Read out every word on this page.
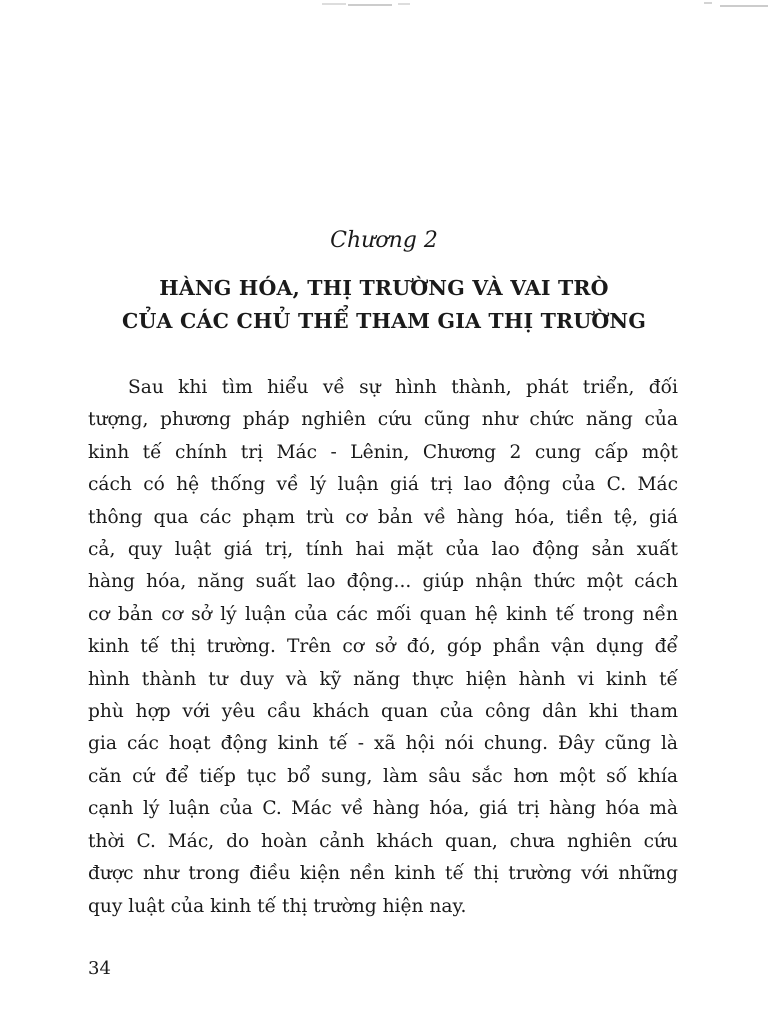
Chương 2

HÀNG HÓA, THỊ TRƯỜNG VÀ VAI TRÒ
CỦA CÁC CHỦ THỂ THAM GIA THỊ TRƯỜNG
Sau khi tìm hiểu về sự hình thành, phát triển, đối
tượng, phương pháp nghiên cứu cũng như chức năng của
kinh tế chính trị Mác - Lênin, Chương 2 cung cấp một
cách có hệ thống về lý luận giá trị lao động của C. Mác
thông qua các phạm trù cơ bản về hàng hóa, tiền tệ, giá
cả, quy luật giá trị, tính hai mặt của lao động sản xuất
hàng hóa, năng suất lao động... giúp nhận thức một cách
cơ bản cơ sở lý luận của các mối quan hệ kinh tế trong nền
kinh tế thị trường. Trên cơ sở đó, góp phần vận dụng để
hình thành tư duy và kỹ năng thực hiện hành vi kinh tế
phù hợp với yêu cầu khách quan của công dân khi tham
gia các hoạt động kinh tế - xã hội nói chung. Đây cũng là
căn cứ để tiếp tục bổ sung, làm sâu sắc hơn một số khía
cạnh lý luận của C. Mác về hàng hóa, giá trị hàng hóa mà
thời C. Mác, do hoàn cảnh khách quan, chưa nghiên cứu
được như trong điều kiện nền kinh tế thị trường với những
quy luật của kinh tế thị trường hiện nay.

34
